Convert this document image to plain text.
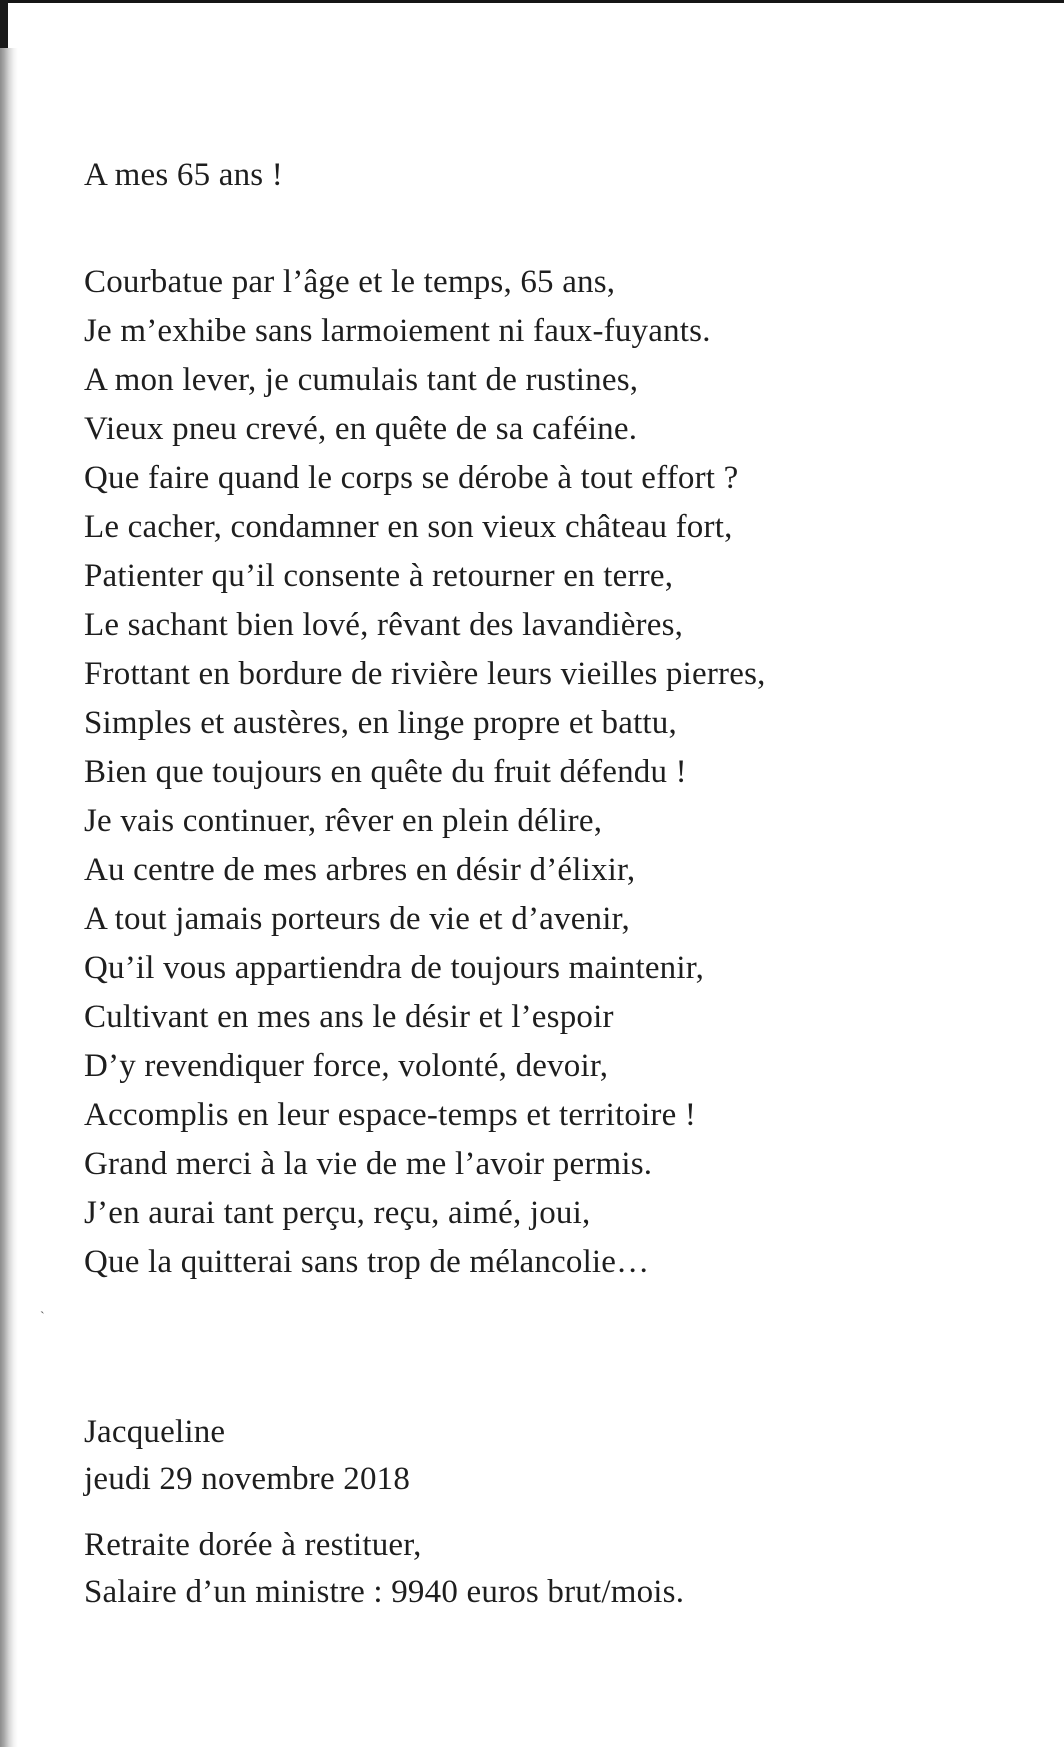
A mes 65 ans !
Courbatue par l’âge et le temps, 65 ans,
Je m’exhibe sans larmoiement ni faux-fuyants.
A mon lever, je cumulais tant de rustines,
Vieux pneu crevé, en quête de sa caféine.
Que faire quand le corps se dérobe à tout effort ?
Le cacher, condamner en son vieux château fort,
Patienter qu’il consente à retourner en terre,
Le sachant bien lové, rêvant des lavandières,
Frottant en bordure de rivière leurs vieilles pierres,
Simples et austères, en linge propre et battu,
Bien que toujours en quête du fruit défendu !
Je vais continuer, rêver en plein délire,
Au centre de mes arbres en désir d’élixir,
A tout jamais porteurs de vie et d’avenir,
Qu’il vous appartiendra de toujours maintenir,
Cultivant en mes ans le désir et l’espoir
D’y revendiquer force, volonté, devoir,
Accomplis en leur espace-temps et territoire !
Grand merci à la vie de me l’avoir permis.
J’en aurai tant perçu, reçu, aimé, joui,
Que la quitterai sans trop de mélancolie…
ˋ
Jacqueline
jeudi 29 novembre 2018
Retraite dorée à restituer,
Salaire d’un ministre : 9940 euros brut/mois.
